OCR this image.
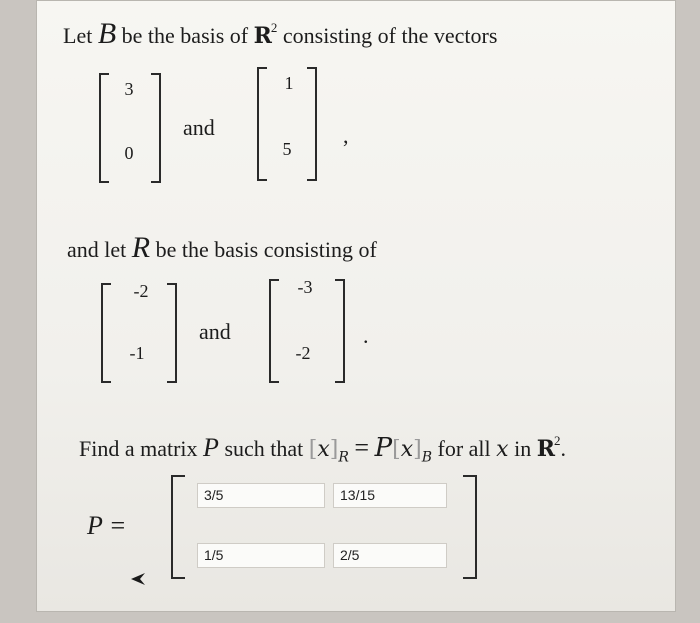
Let B be the basis of $R^2$ consisting of the vectors
3
0
and
1
5
,
and let R be the basis consisting of
-2
-1
and
-3
-2
.
Find a matrix P such that $[x]_R = P[x]_B$ for all x in $R^2$.
P =
3/5	13/15
1/5	2/5
